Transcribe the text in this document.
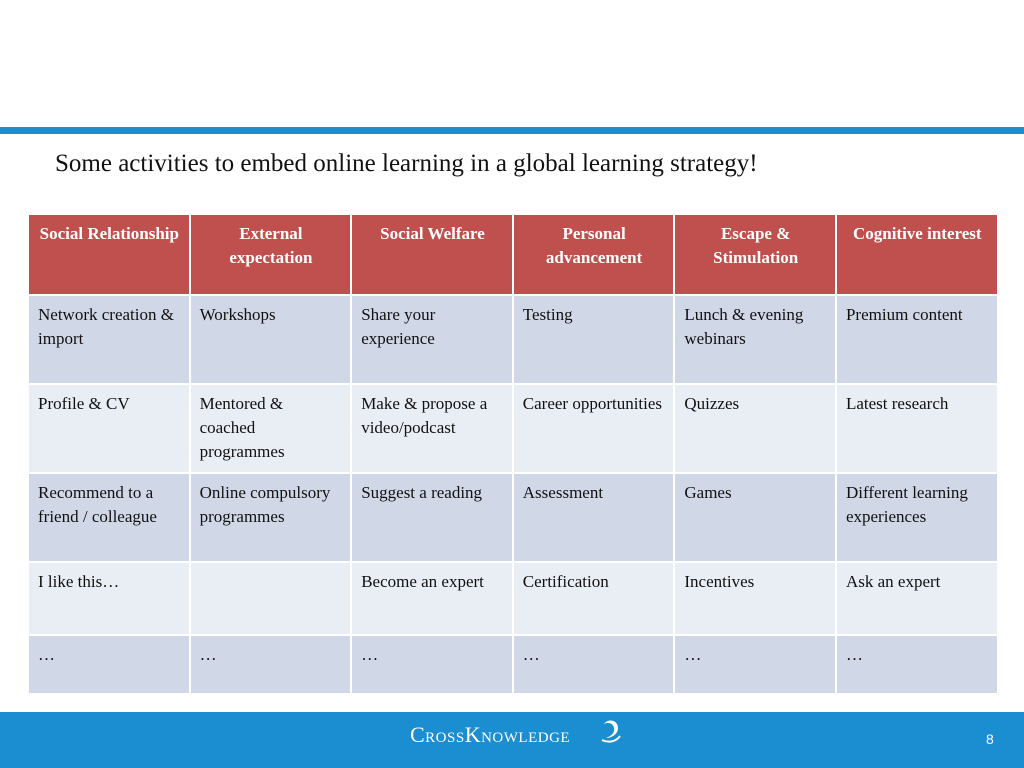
Some activities to embed online learning in a global learning strategy!
Social Relationship	External expectation	Social Welfare	Personal advancement	Escape & Stimulation	Cognitive interest
Network creation & import	Workshops	Share your experience	Testing	Lunch & evening webinars	Premium content
Profile & CV	Mentored & coached programmes	Make & propose a video/podcast	Career opportunities	Quizzes	Latest research
Recommend to a friend / colleague	Online compulsory programmes	Suggest a reading	Assessment	Games	Different learning experiences
I like this…		Become an expert	Certification	Incentives	Ask an expert
…	…	…	…	…	…
CrossKnowledge	8
